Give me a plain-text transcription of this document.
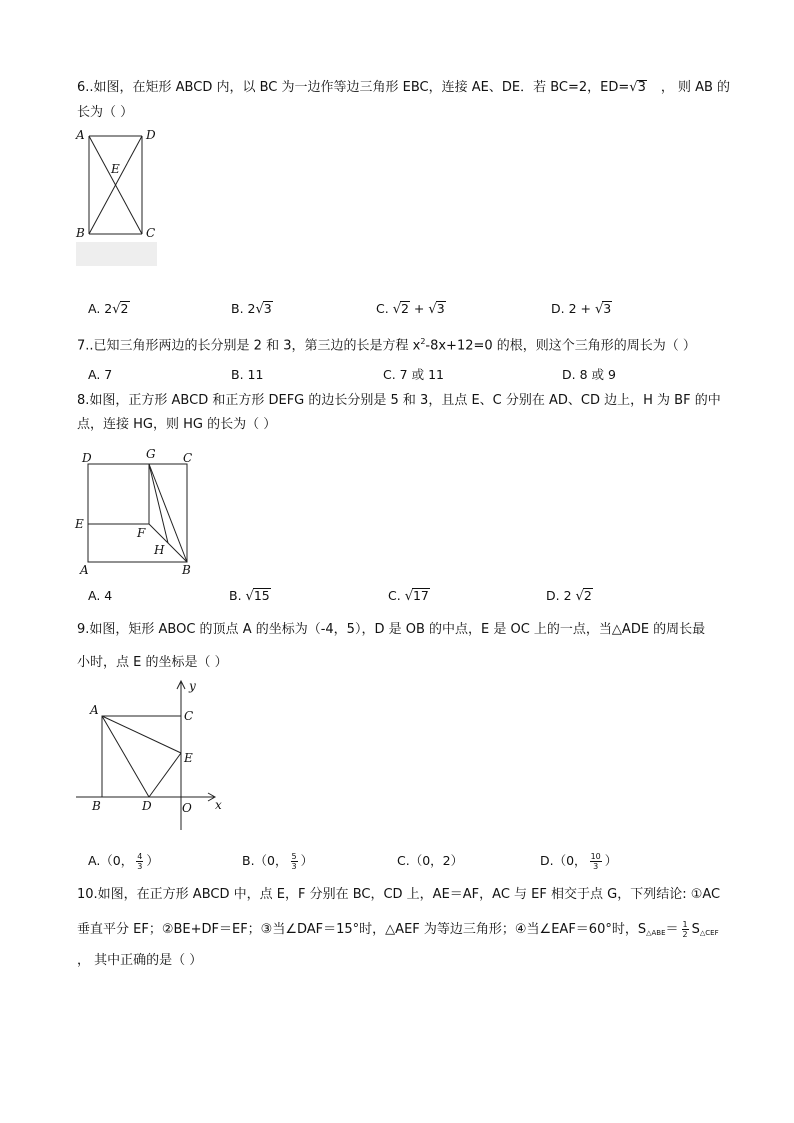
6..如图，在矩形 ABCD 内，以 BC 为一边作等边三角形 EBC，连接 AE、DE．若 BC=2，ED=√3 ， 则 AB 的
长为（ ）
A	D
E
B	C
A. 2√2	B. 2√3	C. √2 + √3	D. 2 + √3
7..已知三角形两边的长分别是 2 和 3，第三边的长是方程 $x^2-8x+12=0$ 的根，则这个三角形的周长为（ ）
A. 7	B. 11	C. 7 或 11	D. 8 或 9
8.如图，正方形 ABCD 和正方形 DEFG 的边长分别是 5 和 3，且点 E、C 分别在 AD、CD 边上，H 为 BF 的中
点，连接 HG，则 HG 的长为（ ）
D	G C
E
F
H
A	B
A. 4	B. √15	C. √17	D. 2 √2
9.如图，矩形 ABOC 的顶点 A 的坐标为（-4，5），D 是 OB 的中点，E 是 OC 上的一点，当△ADE 的周长最
小时，点 E 的坐标是（ ）
y
A	C
E
B	D	O x
A.（0， $\frac{4}{3}$ ）	B.（0， $\frac{5}{3}$ ）	C.（0，2）	D.（0， $\frac{10}{3}$ ）
10.如图，在正方形 ABCD 中，点 E，F 分别在 BC，CD 上，AE＝AF，AC 与 EF 相交于点 G，下列结论: ①AC
垂直平分 EF；②BE+DF＝EF；③当∠DAF＝15°时，△AEF 为等边三角形；④当∠EAF＝60°时，$S_{\triangle ABE}= \frac{1}{2} S_{\triangle CEF}$
， 其中正确的是（ ）
